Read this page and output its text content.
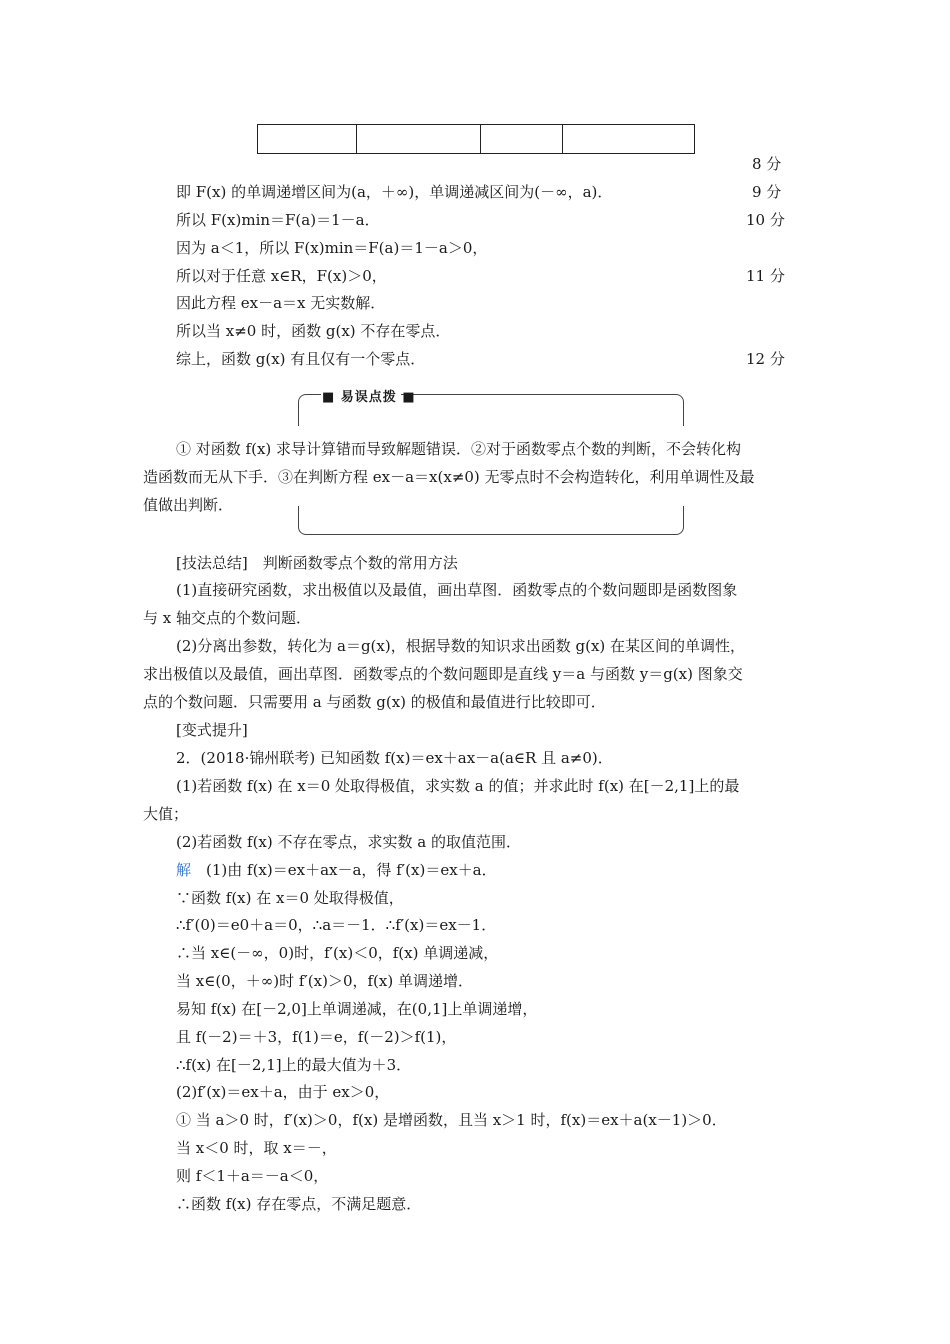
8 分
9 分
10 分
11 分
12 分
即 F(x) 的单调递增区间为(a，＋∞)，单调递减区间为(－∞，a)．
所以 F(x)min＝F(a)＝1－a．
因为 a＜1，所以 F(x)min＝F(a)＝1－a＞0，
所以对于任意 x∈R，F(x)＞0，
因此方程 ex－a＝x 无实数解．
所以当 x≠0 时，函数 g(x) 不存在零点．
综上，函数 g(x) 有且仅有一个零点．
■ 易误点拨 ■
① 对函数 f(x) 求导计算错而导致解题错误．②对于函数零点个数的判断，不会转化构
造函数而无从下手．③在判断方程 ex－a＝x(x≠0) 无零点时不会构造转化，利用单调性及最
值做出判断．
[技法总结]　判断函数零点个数的常用方法
(1)直接研究函数，求出极值以及最值，画出草图．函数零点的个数问题即是函数图象
与 x 轴交点的个数问题．
(2)分离出参数，转化为 a＝g(x)，根据导数的知识求出函数 g(x) 在某区间的单调性，
求出极值以及最值，画出草图．函数零点的个数问题即是直线 y＝a 与函数 y＝g(x) 图象交
点的个数问题．只需要用 a 与函数 g(x) 的极值和最值进行比较即可．
[变式提升]
2．(2018·锦州联考) 已知函数 f(x)＝ex＋ax－a(a∈R 且 a≠0)．
(1)若函数 f(x) 在 x＝0 处取得极值，求实数 a 的值；并求此时 f(x) 在[－2,1]上的最
大值；
(2)若函数 f(x) 不存在零点，求实数 a 的取值范围．
解　(1)由 f(x)＝ex＋ax－a，得 f′(x)＝ex＋a．
∵函数 f(x) 在 x＝0 处取得极值，
∴f′(0)＝e0＋a＝0，∴a＝－1．∴f′(x)＝ex－1．
∴当 x∈(－∞，0)时，f′(x)＜0，f(x) 单调递减，
当 x∈(0，＋∞)时 f′(x)＞0，f(x) 单调递增．
易知 f(x) 在[－2,0]上单调递减，在(0,1]上单调递增，
且 f(－2)＝＋3，f(1)＝e，f(－2)＞f(1)，
∴f(x) 在[－2,1]上的最大值为＋3．
(2)f′(x)＝ex＋a，由于 ex＞0，
① 当 a＞0 时，f′(x)＞0，f(x) 是增函数，且当 x＞1 时，f(x)＝ex＋a(x－1)＞0．
当 x＜0 时，取 x＝－，
则 f＜1＋a＝－a＜0，
∴函数 f(x) 存在零点，不满足题意．
